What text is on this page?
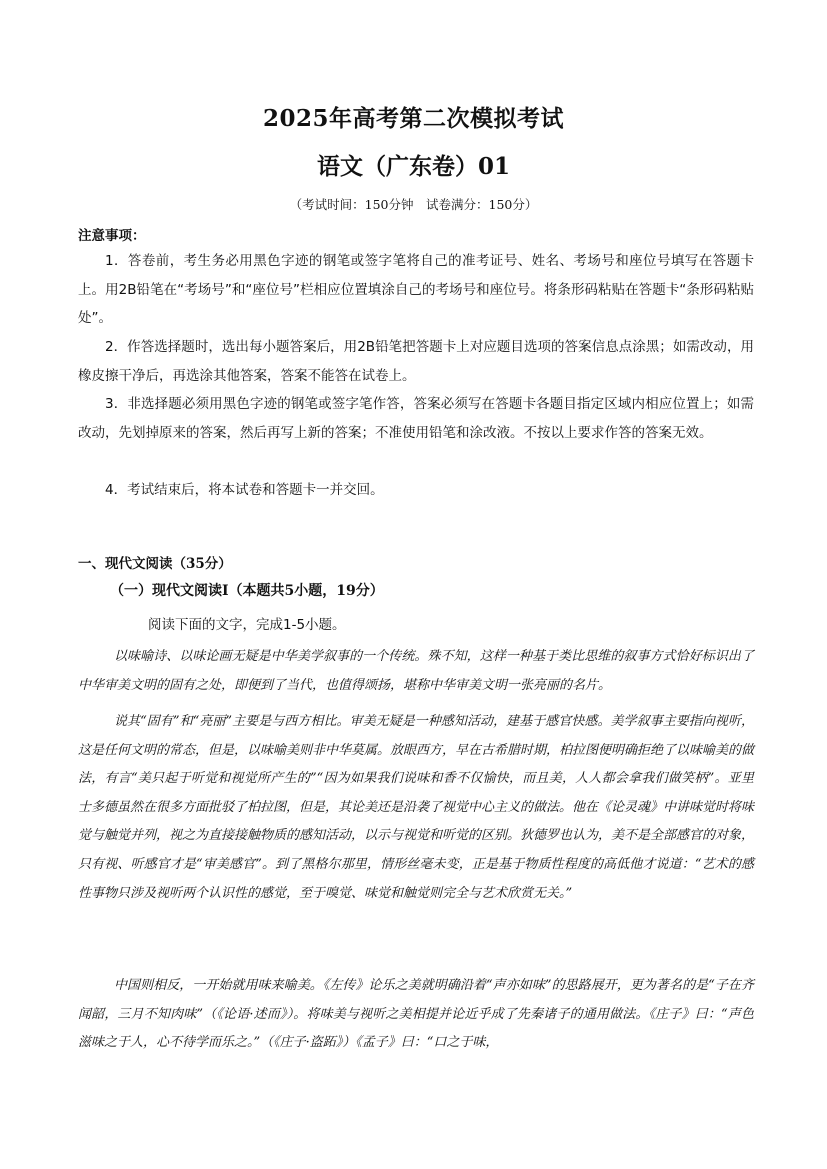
2025年高考第二次模拟考试
语文（广东卷）01
（考试时间：150分钟　试卷满分：150分）
注意事项：
1．答卷前，考生务必用黑色字迹的钢笔或签字笔将自己的准考证号、姓名、考场号和座位号填写在答题卡上。用2B铅笔在“考场号”和“座位号”栏相应位置填涂自己的考场号和座位号。将条形码粘贴在答题卡“条形码粘贴处”。
2．作答选择题时，选出每小题答案后，用2B铅笔把答题卡上对应题目选项的答案信息点涂黑；如需改动，用橡皮擦干净后，再选涂其他答案，答案不能答在试卷上。
3．非选择题必须用黑色字迹的钢笔或签字笔作答，答案必须写在答题卡各题目指定区域内相应位置上；如需改动，先划掉原来的答案，然后再写上新的答案；不准使用铅笔和涂改液。不按以上要求作答的答案无效。
4．考试结束后，将本试卷和答题卡一并交回。
一、现代文阅读（35分）
（一）现代文阅读Ⅰ（本题共5小题，19分）
阅读下面的文字，完成1-5小题。
以味喻诗、以味论画无疑是中华美学叙事的一个传统。殊不知，这样一种基于类比思维的叙事方式恰好标识出了中华审美文明的固有之处，即便到了当代，也值得颂扬，堪称中华审美文明一张亮丽的名片。
说其“固有”和“亮丽”主要是与西方相比。审美无疑是一种感知活动，建基于感官快感。美学叙事主要指向视听，这是任何文明的常态，但是，以味喻美则非中华莫属。放眼西方，早在古希腊时期，柏拉图便明确拒绝了以味喻美的做法，有言“美只起于听觉和视觉所产生的”“因为如果我们说味和香不仅愉快，而且美，人人都会拿我们做笑柄”。亚里士多德虽然在很多方面批驳了柏拉图，但是，其论美还是沿袭了视觉中心主义的做法。他在《论灵魂》中讲味觉时将味觉与触觉并列，视之为直接接触物质的感知活动，以示与视觉和听觉的区别。狄德罗也认为，美不是全部感官的对象，只有视、听感官才是“审美感官”。到了黑格尔那里，情形丝毫未变，正是基于物质性程度的高低他才说道：“艺术的感性事物只涉及视听两个认识性的感觉，至于嗅觉、味觉和触觉则完全与艺术欣赏无关。”
中国则相反，一开始就用味来喻美。《左传》论乐之美就明确沿着“声亦如味”的思路展开，更为著名的是“子在齐闻韶，三月不知肉味”（《论语·述而》）。将味美与视听之美相提并论近乎成了先秦诸子的通用做法。《庄子》曰：“声色滋味之于人，心不待学而乐之。”（《庄子·盗跖》）《孟子》曰：“口之于味，
